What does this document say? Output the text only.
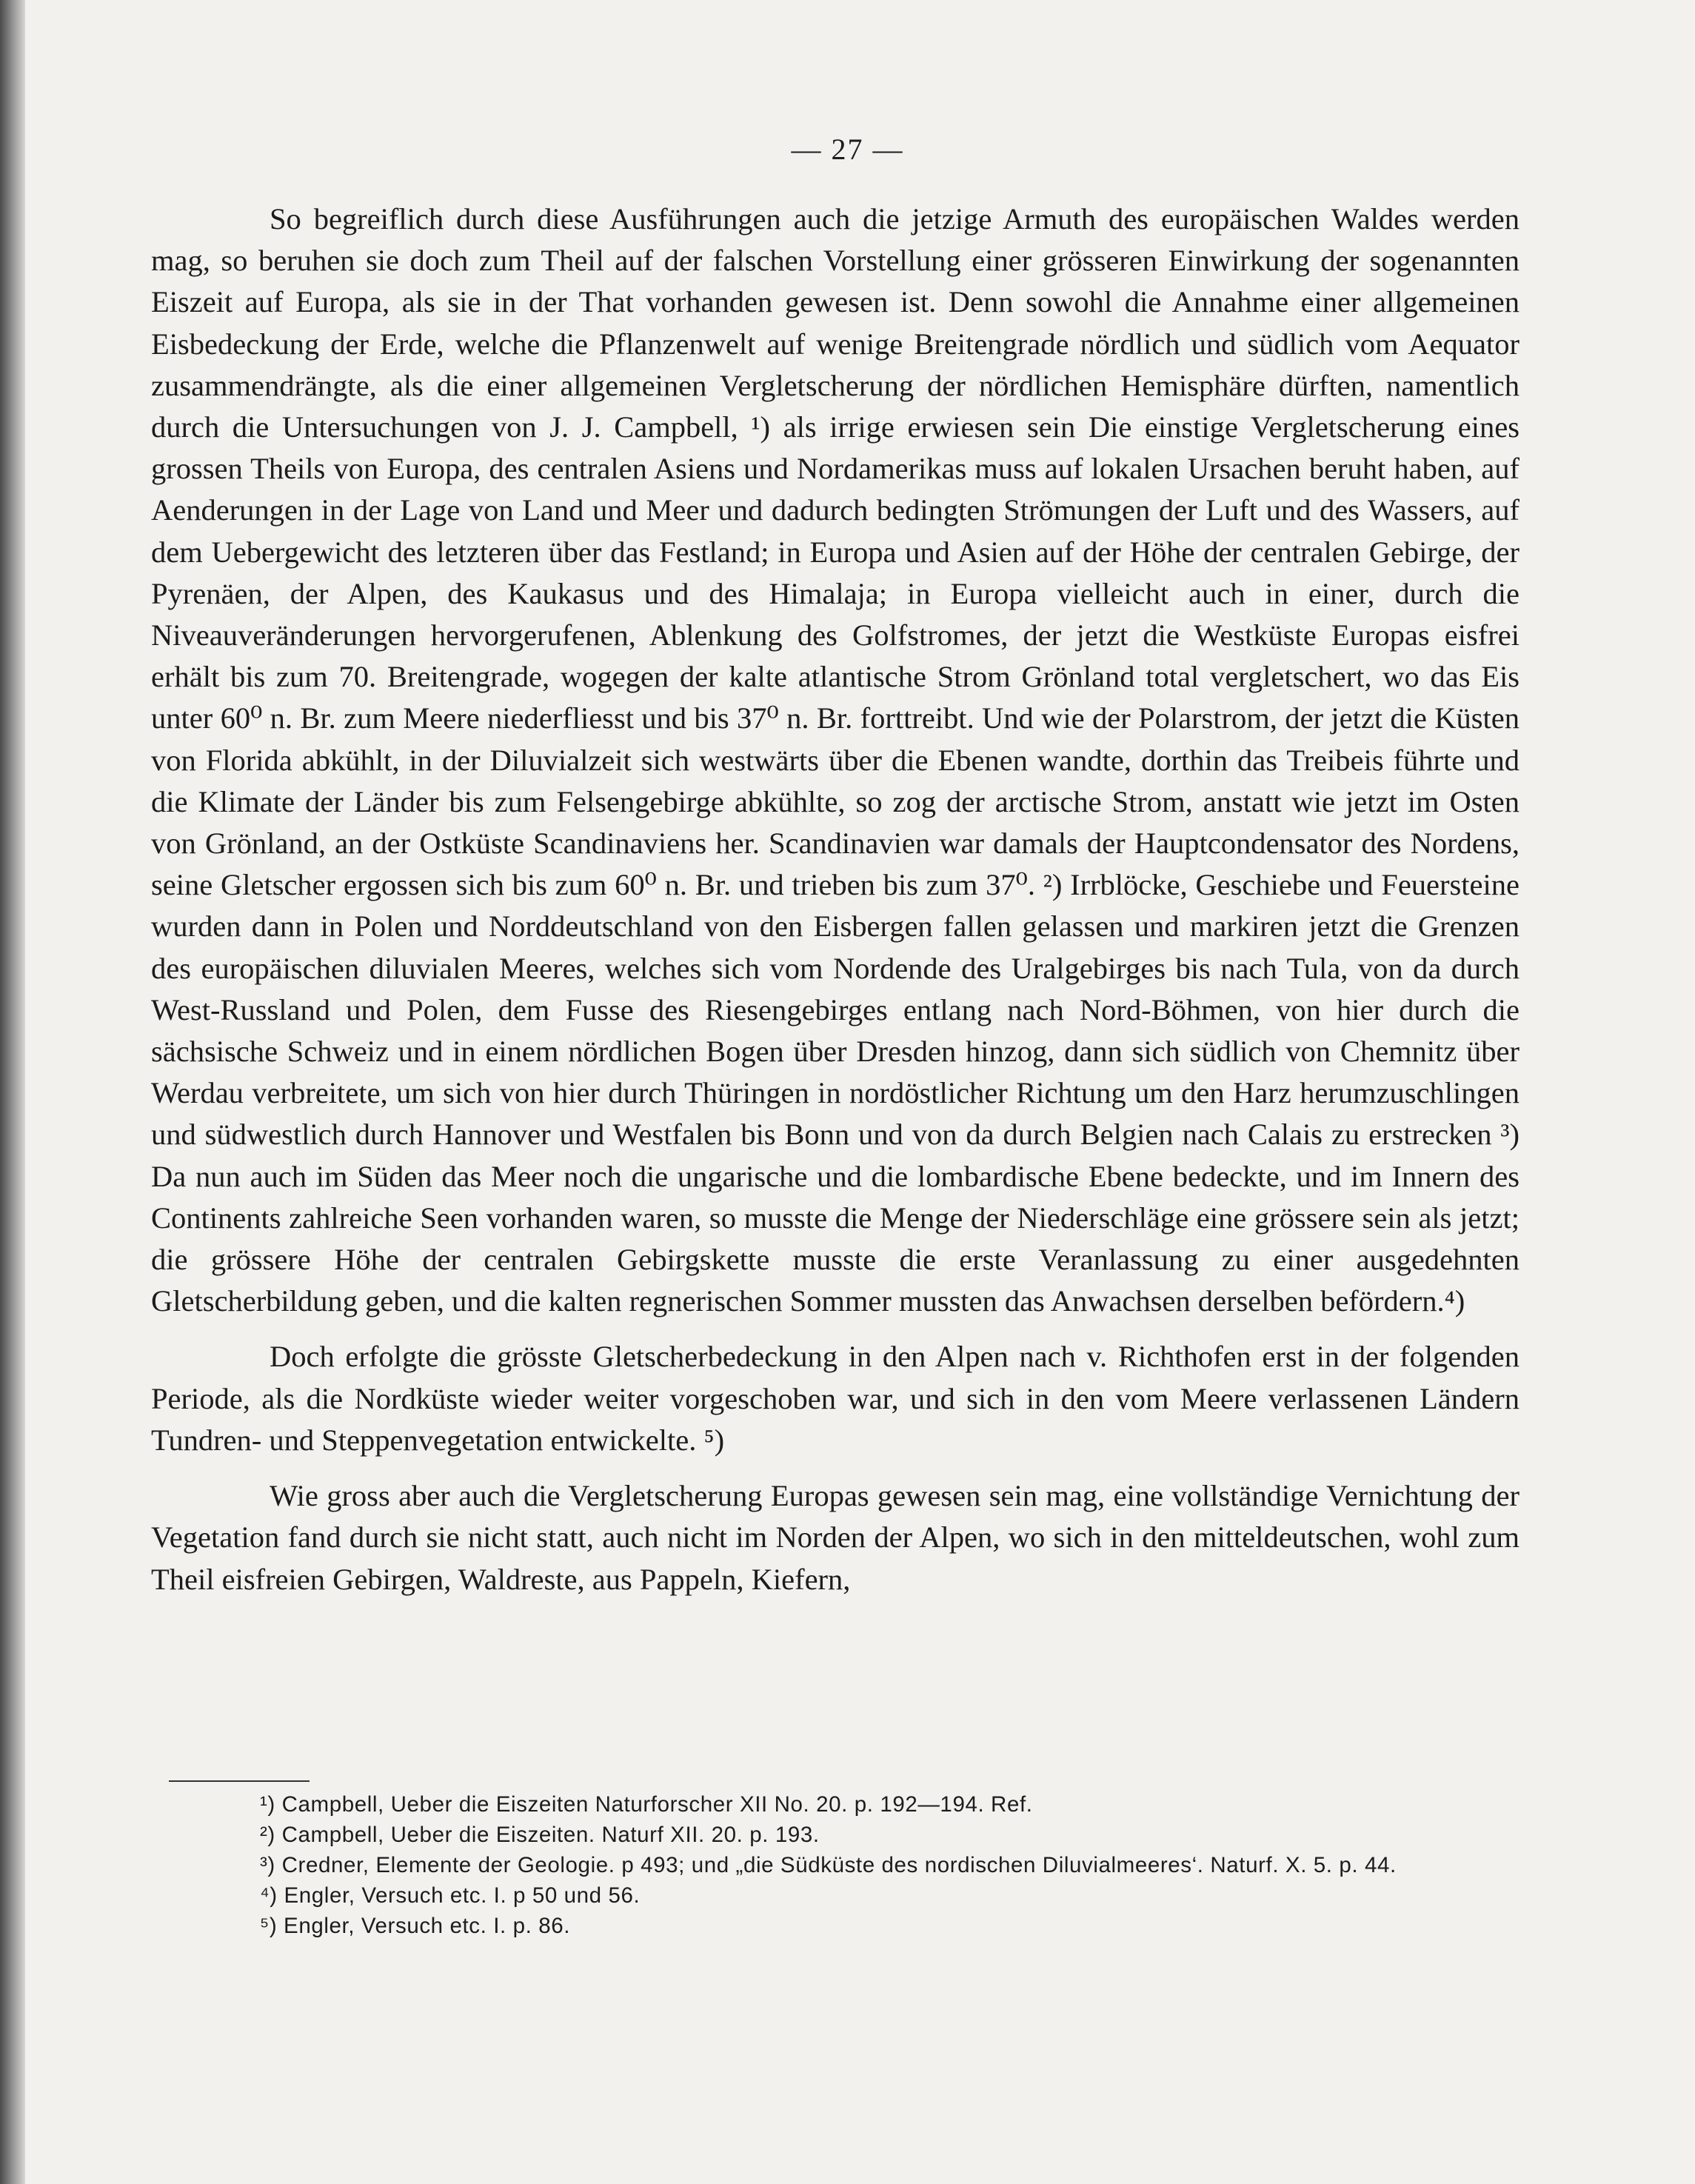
— 27 —

So begreiflich durch diese Ausführungen auch die jetzige Armuth des europäischen Waldes werden mag, so beruhen sie doch zum Theil auf der falschen Vorstellung einer grösseren Einwirkung der sogenannten Eiszeit auf Europa, als sie in der That vorhanden gewesen ist. Denn sowohl die Annahme einer allgemeinen Eisbedeckung der Erde, welche die Pflanzenwelt auf wenige Breitengrade nördlich und südlich vom Aequator zusammendrängte, als die einer allgemeinen Vergletscherung der nördlichen Hemisphäre dürften, namentlich durch die Untersuchungen von J. J. Campbell, ¹) als irrige erwiesen sein Die einstige Vergletscherung eines grossen Theils von Europa, des centralen Asiens und Nordamerikas muss auf lokalen Ursachen beruht haben, auf Aenderungen in der Lage von Land und Meer und dadurch bedingten Strömungen der Luft und des Wassers, auf dem Uebergewicht des letzteren über das Festland; in Europa und Asien auf der Höhe der centralen Gebirge, der Pyrenäen, der Alpen, des Kaukasus und des Himalaja; in Europa vielleicht auch in einer, durch die Niveauveränderungen hervorgerufenen, Ablenkung des Golfstromes, der jetzt die Westküste Europas eisfrei erhält bis zum 70. Breitengrade, wogegen der kalte atlantische Strom Grönland total vergletschert, wo das Eis unter 60⁰ n. Br. zum Meere niederfliesst und bis 37⁰ n. Br. forttreibt. Und wie der Polarstrom, der jetzt die Küsten von Florida abkühlt, in der Diluvialzeit sich westwärts über die Ebenen wandte, dorthin das Treibeis führte und die Klimate der Länder bis zum Felsengebirge abkühlte, so zog der arctische Strom, anstatt wie jetzt im Osten von Grönland, an der Ostküste Scandinaviens her. Scandinavien war damals der Hauptcondensator des Nordens, seine Gletscher ergossen sich bis zum 60⁰ n. Br. und trieben bis zum 37⁰. ²) Irrblöcke, Geschiebe und Feuersteine wurden dann in Polen und Norddeutschland von den Eisbergen fallen gelassen und markiren jetzt die Grenzen des europäischen diluvialen Meeres, welches sich vom Nordende des Uralgebirges bis nach Tula, von da durch West-Russland und Polen, dem Fusse des Riesengebirges entlang nach Nord-Böhmen, von hier durch die sächsische Schweiz und in einem nördlichen Bogen über Dresden hinzog, dann sich südlich von Chemnitz über Werdau verbreitete, um sich von hier durch Thüringen in nordöstlicher Richtung um den Harz herumzuschlingen und südwestlich durch Hannover und Westfalen bis Bonn und von da durch Belgien nach Calais zu erstrecken ³) Da nun auch im Süden das Meer noch die ungarische und die lombardische Ebene bedeckte, und im Innern des Continents zahlreiche Seen vorhanden waren, so musste die Menge der Niederschläge eine grössere sein als jetzt; die grössere Höhe der centralen Gebirgskette musste die erste Veranlassung zu einer ausgedehnten Gletscherbildung geben, und die kalten regnerischen Sommer mussten das Anwachsen derselben befördern.⁴)

Doch erfolgte die grösste Gletscherbedeckung in den Alpen nach v. Richthofen erst in der folgenden Periode, als die Nordküste wieder weiter vorgeschoben war, und sich in den vom Meere verlassenen Ländern Tundren- und Steppenvegetation entwickelte. ⁵)

Wie gross aber auch die Vergletscherung Europas gewesen sein mag, eine vollständige Vernichtung der Vegetation fand durch sie nicht statt, auch nicht im Norden der Alpen, wo sich in den mitteldeutschen, wohl zum Theil eisfreien Gebirgen, Waldreste, aus Pappeln, Kiefern,

¹) Campbell, Ueber die Eiszeiten Naturforscher XII No. 20. p. 192—194. Ref.

²) Campbell, Ueber die Eiszeiten. Naturf XII. 20. p. 193.

³) Credner, Elemente der Geologie. p 493; und „die Südküste des nordischen Diluvialmeeres‘. Naturf. X. 5. p. 44.

⁴) Engler, Versuch etc. I. p 50 und 56.

⁵) Engler, Versuch etc. I. p. 86.
